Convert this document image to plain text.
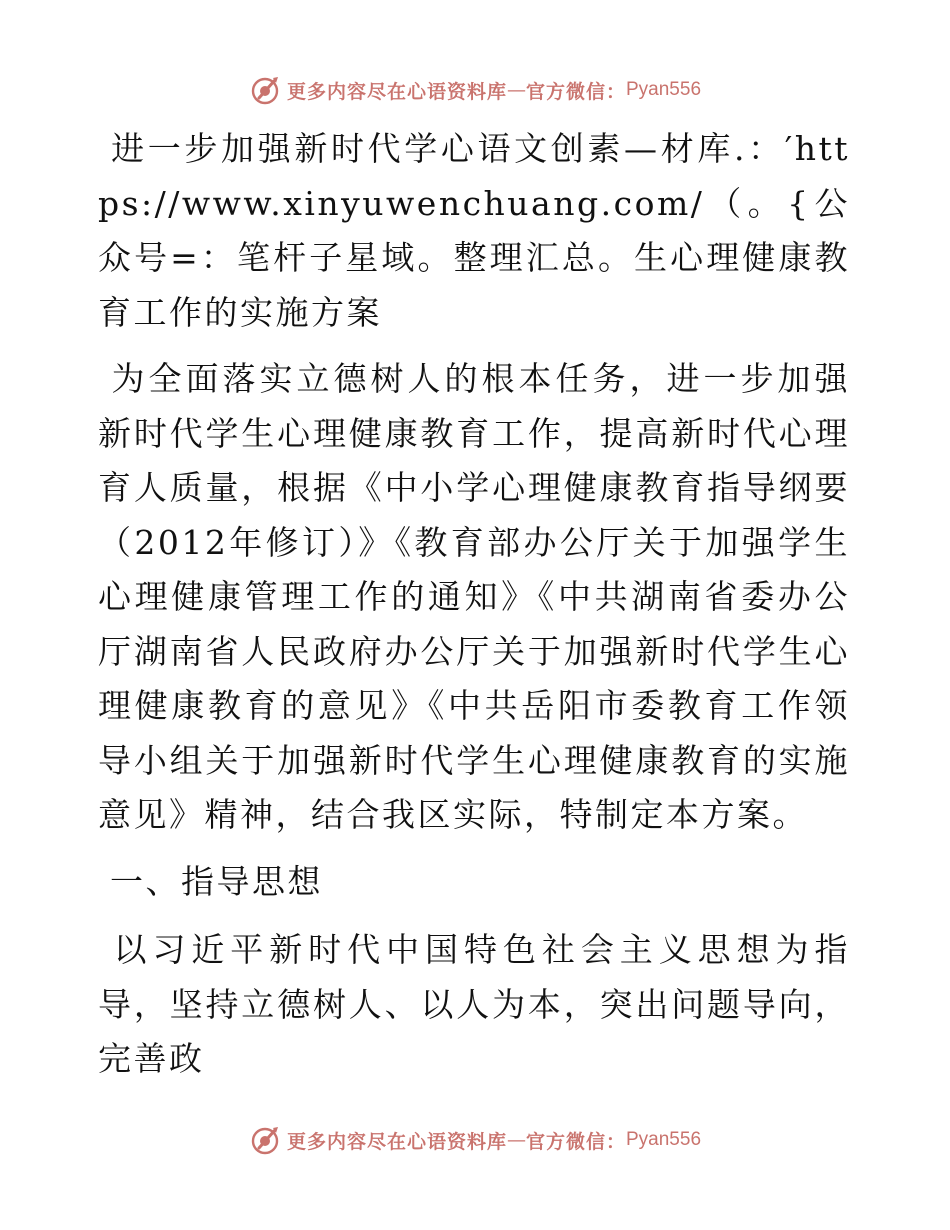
更多内容尽在心语资料库 — 官方微信： Pyan556

进一步加强新时代学心语文创素—材库.：′https://www.xinyuwenchuang.com/（。{公众号=：笔杆子星域。整理汇总。生心理健康教育工作的实施方案

为全面落实立德树人的根本任务，进一步加强新时代学生心理健康教育工作，提高新时代心理育人质量，根据《中小学心理健康教育指导纲要（2012年修订）》《教育部办公厅关于加强学生心理健康管理工作的通知》《中共湖南省委办公厅湖南省人民政府办公厅关于加强新时代学生心理健康教育的意见》《中共岳阳市委教育工作领导小组关于加强新时代学生心理健康教育的实施意见》精神，结合我区实际，特制定本方案。

一、指导思想

以习近平新时代中国特色社会主义思想为指导，坚持立德树人、以人为本，突出问题导向，完善政

更多内容尽在心语资料库 — 官方微信： Pyan556
